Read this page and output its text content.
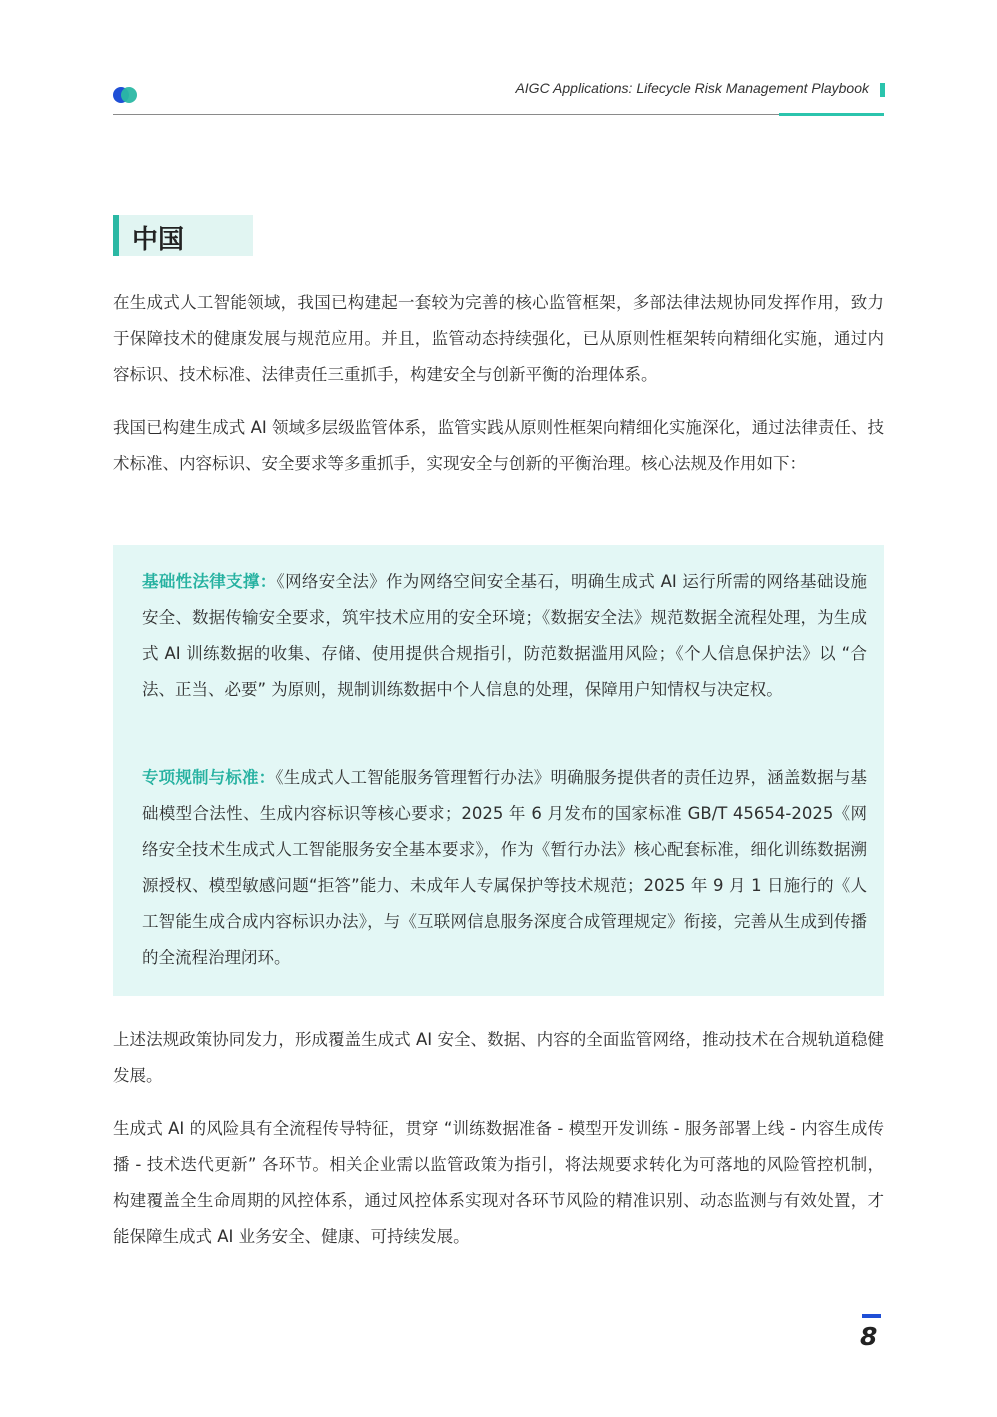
AIGC Applications: Lifecycle Risk Management Playbook
中国

在生成式人工智能领域，我国已构建起一套较为完善的核心监管框架，多部法律法规协同发挥作用，致力于保障技术的健康发展与规范应用。并且，监管动态持续强化，已从原则性框架转向精细化实施，通过内容标识、技术标准、法律责任三重抓手，构建安全与创新平衡的治理体系。

我国已构建生成式 AI 领域多层级监管体系，监管实践从原则性框架向精细化实施深化，通过法律责任、技术标准、内容标识、安全要求等多重抓手，实现安全与创新的平衡治理。核心法规及作用如下：

基础性法律支撑：《网络安全法》作为网络空间安全基石，明确生成式 AI 运行所需的网络基础设施安全、数据传输安全要求，筑牢技术应用的安全环境；《数据安全法》规范数据全流程处理，为生成式 AI 训练数据的收集、存储、使用提供合规指引，防范数据滥用风险；《个人信息保护法》以 “合法、正当、必要” 为原则，规制训练数据中个人信息的处理，保障用户知情权与决定权。

专项规制与标准：《生成式人工智能服务管理暂行办法》明确服务提供者的责任边界，涵盖数据与基础模型合法性、生成内容标识等核心要求；2025 年 6 月发布的国家标准 GB/T 45654-2025《网络安全技术生成式人工智能服务安全基本要求》，作为《暂行办法》核心配套标准，细化训练数据溯源授权、模型敏感问题“拒答”能力、未成年人专属保护等技术规范；2025 年 9 月 1 日施行的《人工智能生成合成内容标识办法》，与《互联网信息服务深度合成管理规定》衔接，完善从生成到传播的全流程治理闭环。

上述法规政策协同发力，形成覆盖生成式 AI 安全、数据、内容的全面监管网络，推动技术在合规轨道稳健发展。

生成式 AI 的风险具有全流程传导特征，贯穿 “训练数据准备 - 模型开发训练 - 服务部署上线 - 内容生成传播 - 技术迭代更新” 各环节。相关企业需以监管政策为指引，将法规要求转化为可落地的风险管控机制，构建覆盖全生命周期的风控体系，通过风控体系实现对各环节风险的精准识别、动态监测与有效处置，才能保障生成式 AI 业务安全、健康、可持续发展。

8
